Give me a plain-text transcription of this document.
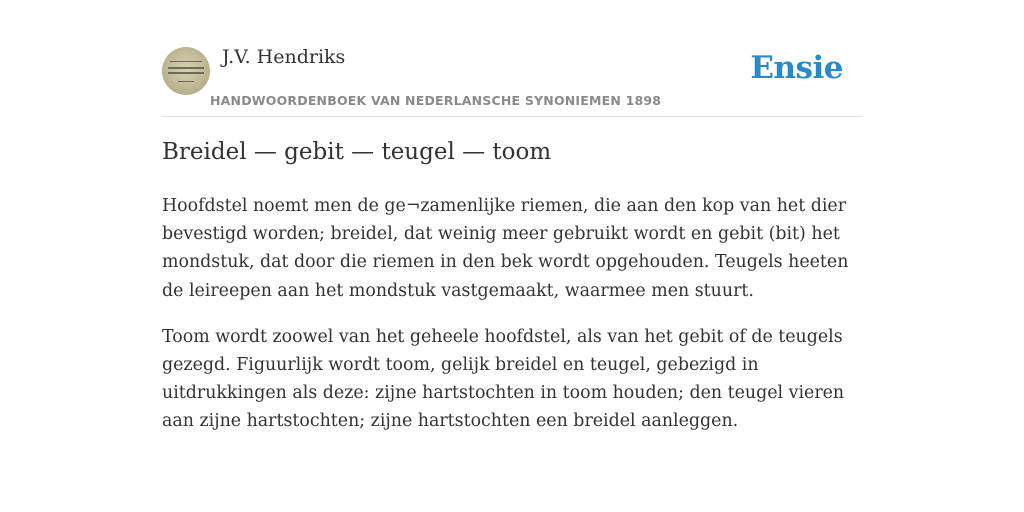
J.V. Hendriks
HANDWOORDENBOEK VAN NEDERLANSCHE SYNONIEMEN 1898
Ensie
Breidel — gebit — teugel — toom

Hoofdstel noemt men de ge¬zamenlijke riemen, die aan den kop van het dier bevestigd worden; breidel, dat weinig meer gebruikt wordt en gebit (bit) het mondstuk, dat door die riemen in den bek wordt opgehouden. Teugels heeten de leireepen aan het mondstuk vastgemaakt, waarmee men stuurt.

Toom wordt zoowel van het geheele hoofdstel, als van het gebit of de teugels gezegd. Figuurlijk wordt toom, gelijk breidel en teugel, gebezigd in uitdrukkingen als deze: zijne hartstochten in toom houden; den teugel vieren aan zijne hartstochten; zijne hartstochten een breidel aanleggen.
